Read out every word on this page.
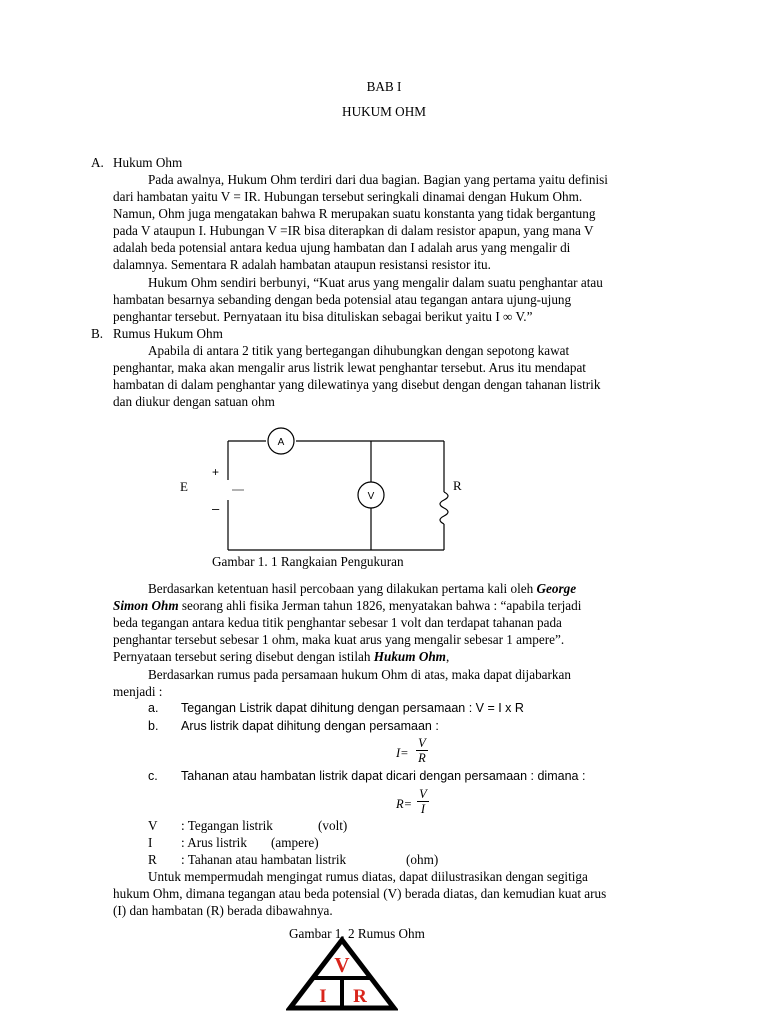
BAB I
HUKUM OHM
A. Hukum Ohm
Pada awalnya, Hukum Ohm terdiri dari dua bagian. Bagian yang pertama yaitu definisi
dari hambatan yaitu V = IR. Hubungan tersebut seringkali dinamai dengan Hukum Ohm.
Namun, Ohm juga mengatakan bahwa R merupakan suatu konstanta yang tidak bergantung
pada V ataupun I. Hubungan V =IR bisa diterapkan di dalam resistor apapun, yang mana V
adalah beda potensial antara kedua ujung hambatan dan I adalah arus yang mengalir di
dalamnya. Sementara R adalah hambatan ataupun resistansi resistor itu.
Hukum Ohm sendiri berbunyi, “Kuat arus yang mengalir dalam suatu penghantar atau
hambatan besarnya sebanding dengan beda potensial atau tegangan antara ujung-ujung
penghantar tersebut. Pernyataan itu bisa dituliskan sebagai berikut yaitu I ∞ V.”
B. Rumus Hukum Ohm
Apabila di antara 2 titik yang bertegangan dihubungkan dengan sepotong kawat
penghantar, maka akan mengalir arus listrik lewat penghantar tersebut. Arus itu mendapat
hambatan di dalam penghantar yang dilewatinya yang disebut dengan dengan tahanan listrik
dan diukur dengan satuan ohm
A
V
+
–
E	R
Gambar 1. 1 Rangkaian Pengukuran
Berdasarkan ketentuan hasil percobaan yang dilakukan pertama kali oleh George
Simon Ohm seorang ahli fisika Jerman tahun 1826, menyatakan bahwa : “apabila terjadi
beda tegangan antara kedua titik penghantar sebesar 1 volt dan terdapat tahanan pada
penghantar tersebut sebesar 1 ohm, maka kuat arus yang mengalir sebesar 1 ampere”.
Pernyataan tersebut sering disebut dengan istilah Hukum Ohm,
Berdasarkan rumus pada persamaan hukum Ohm di atas, maka dapat dijabarkan
menjadi :
a. Tegangan Listrik dapat dihitung dengan persamaan : V = I x R
b. Arus listrik dapat dihitung dengan persamaan :
I=
V
R
c. Tahanan atau hambatan listrik dapat dicari dengan persamaan : dimana :
R=
V
I
V : Tegangan listrik	(volt)
I : Arus listrik (ampere)
R : Tahanan atau hambatan listrik	(ohm)
Untuk mempermudah mengingat rumus diatas, dapat diilustrasikan dengan segitiga
hukum Ohm, dimana tegangan atau beda potensial (V) berada diatas, dan kemudian kuat arus
(I) dan hambatan (R) berada dibawahnya.
Gambar 1. 2 Rumus Ohm
V
I R
